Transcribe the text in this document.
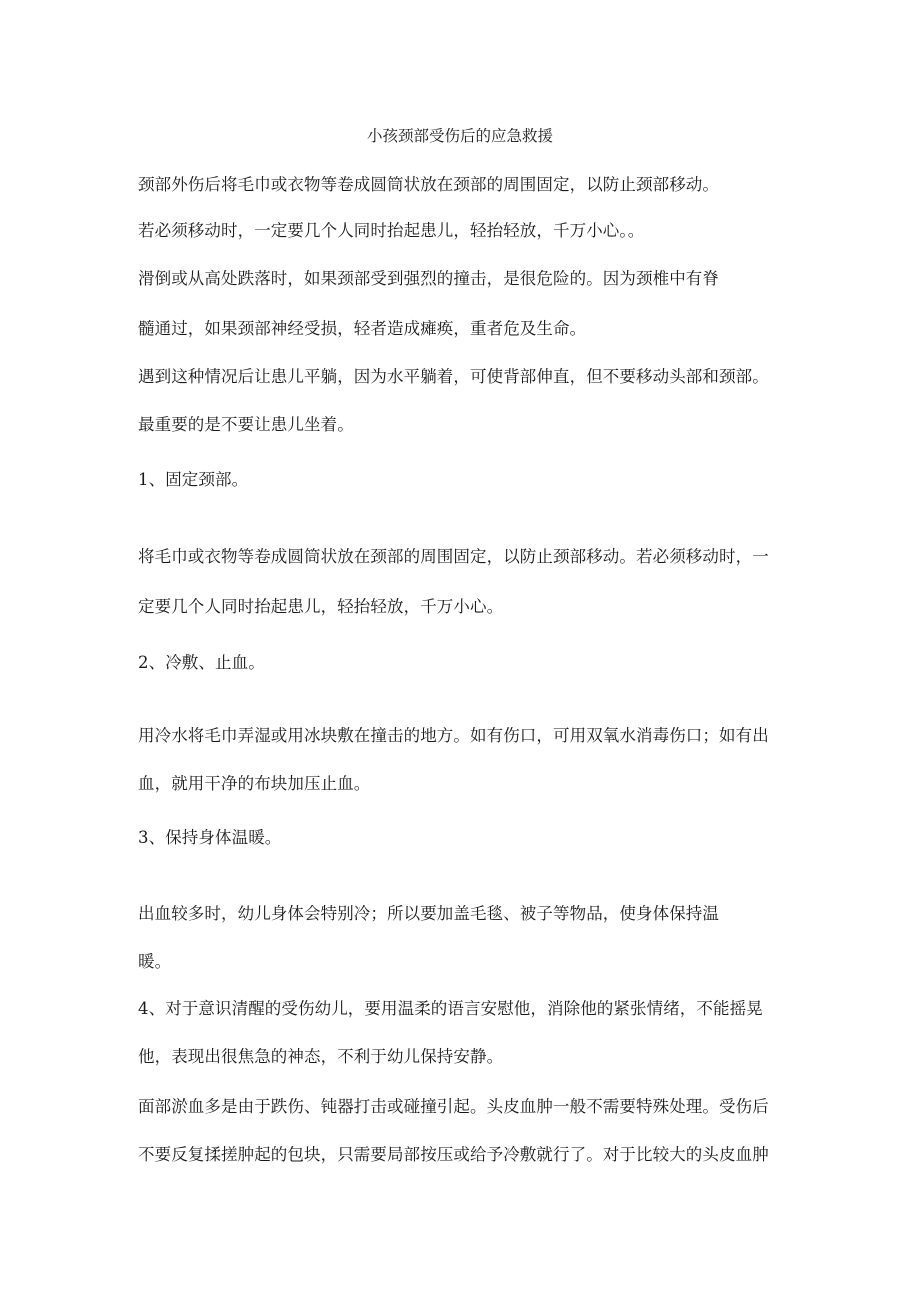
小孩颈部受伤后的应急救援
颈部外伤后将毛巾或衣物等卷成圆筒状放在颈部的周围固定，以防止颈部移动。
若必须移动时，一定要几个人同时抬起患儿，轻抬轻放，千万小心。。
滑倒或从高处跌落时，如果颈部受到强烈的撞击，是很危险的。因为颈椎中有脊
髓通过，如果颈部神经受损，轻者造成瘫痪，重者危及生命。
遇到这种情况后让患儿平躺，因为水平躺着，可使背部伸直，但不要移动头部和颈部。
最重要的是不要让患儿坐着。
1、固定颈部。
将毛巾或衣物等卷成圆筒状放在颈部的周围固定，以防止颈部移动。若必须移动时，一
定要几个人同时抬起患儿，轻抬轻放，千万小心。
2、冷敷、止血。
用冷水将毛巾弄湿或用冰块敷在撞击的地方。如有伤口，可用双氧水消毒伤口；如有出
血，就用干净的布块加压止血。
3、保持身体温暖。
出血较多时，幼儿身体会特别冷；所以要加盖毛毯、被子等物品，使身体保持温
暖。
4、对于意识清醒的受伤幼儿，要用温柔的语言安慰他，消除他的紧张情绪，不能摇晃
他，表现出很焦急的神态，不利于幼儿保持安静。
面部淤血多是由于跌伤、钝器打击或碰撞引起。头皮血肿一般不需要特殊处理。受伤后
不要反复揉搓肿起的包块，只需要局部按压或给予冷敷就行了。对于比较大的头皮血肿
